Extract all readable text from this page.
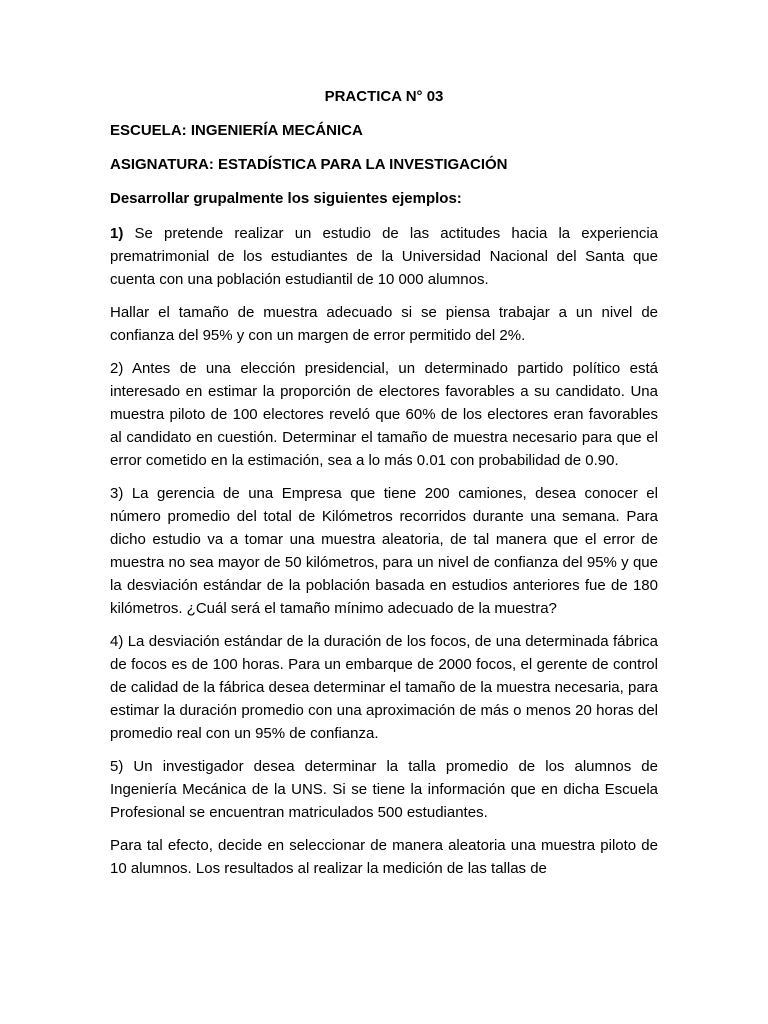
PRACTICA N° 03
ESCUELA: INGENIERÍA MECÁNICA
ASIGNATURA: ESTADÍSTICA PARA LA INVESTIGACIÓN
Desarrollar grupalmente los siguientes ejemplos:

1) Se pretende realizar un estudio de las actitudes hacia la experiencia prematrimonial de los estudiantes de la Universidad Nacional del Santa que cuenta con una población estudiantil de 10 000 alumnos.

Hallar el tamaño de muestra adecuado si se piensa trabajar a un nivel de confianza del 95% y con un margen de error permitido del 2%.

2) Antes de una elección presidencial, un determinado partido político está interesado en estimar la proporción de electores favorables a su candidato. Una muestra piloto de 100 electores reveló que 60% de los electores eran favorables al candidato en cuestión. Determinar el tamaño de muestra necesario para que el error cometido en la estimación, sea a lo más 0.01 con probabilidad de 0.90.

3) La gerencia de una Empresa que tiene 200 camiones, desea conocer el número promedio del total de Kilómetros recorridos durante una semana. Para dicho estudio va a tomar una muestra aleatoria, de tal manera que el error de muestra no sea mayor de 50 kilómetros, para un nivel de confianza del 95% y que la desviación estándar de la población basada en estudios anteriores fue de 180 kilómetros. ¿Cuál será el tamaño mínimo adecuado de la muestra?

4) La desviación estándar de la duración de los focos, de una determinada fábrica de focos es de 100 horas. Para un embarque de 2000 focos, el gerente de control de calidad de la fábrica desea determinar el tamaño de la muestra necesaria, para estimar la duración promedio con una aproximación de más o menos 20 horas del promedio real con un 95% de confianza.

5) Un investigador desea determinar la talla promedio de los alumnos de Ingeniería Mecánica de la UNS. Si se tiene la información que en dicha Escuela Profesional se encuentran matriculados 500 estudiantes.

Para tal efecto, decide en seleccionar de manera aleatoria una muestra piloto de 10 alumnos. Los resultados al realizar la medición de las tallas de
